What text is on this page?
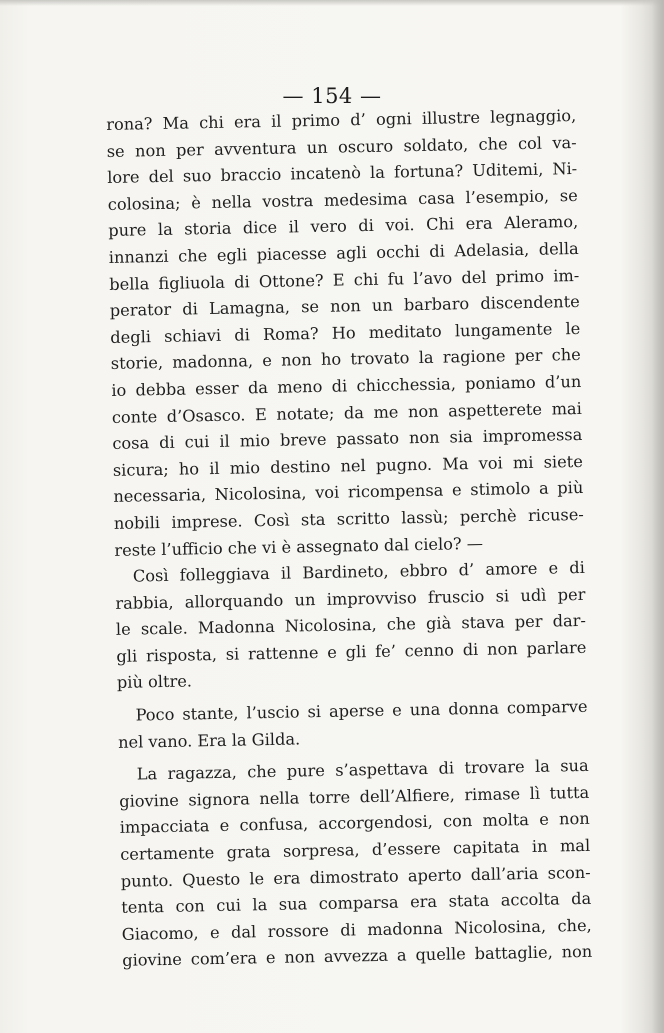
— 154 —
rona? Ma chi era il primo d’ ogni illustre legnaggio,
se non per avventura un oscuro soldato, che col va-
lore del suo braccio incatenò la fortuna? Uditemi, Ni-
colosina; è nella vostra medesima casa l’esempio, se
pure la storia dice il vero di voi. Chi era Aleramo,
innanzi che egli piacesse agli occhi di Adelasia, della
bella figliuola di Ottone? E chi fu l’avo del primo im-
perator di Lamagna, se non un barbaro discendente
degli schiavi di Roma? Ho meditato lungamente le
storie, madonna, e non ho trovato la ragione per che
io debba esser da meno di chicchessia, poniamo d’un
conte d’Osasco. E notate; da me non aspetterete mai
cosa di cui il mio breve passato non sia impromessa
sicura; ho il mio destino nel pugno. Ma voi mi siete
necessaria, Nicolosina, voi ricompensa e stimolo a più
nobili imprese. Così sta scritto lassù; perchè ricuse-
reste l’ufficio che vi è assegnato dal cielo? —
Così folleggiava il Bardineto, ebbro d’ amore e di
rabbia, allorquando un improvviso fruscio si udì per
le scale. Madonna Nicolosina, che già stava per dar-
gli risposta, si rattenne e gli fe’ cenno di non parlare
più oltre.
Poco stante, l’uscio si aperse e una donna comparve
nel vano. Era la Gilda.
La ragazza, che pure s’aspettava di trovare la sua
giovine signora nella torre dell’Alfiere, rimase lì tutta
impacciata e confusa, accorgendosi, con molta e non
certamente grata sorpresa, d’essere capitata in mal
punto. Questo le era dimostrato aperto dall’aria scon-
tenta con cui la sua comparsa era stata accolta da
Giacomo, e dal rossore di madonna Nicolosina, che,
giovine com’era e non avvezza a quelle battaglie, non
